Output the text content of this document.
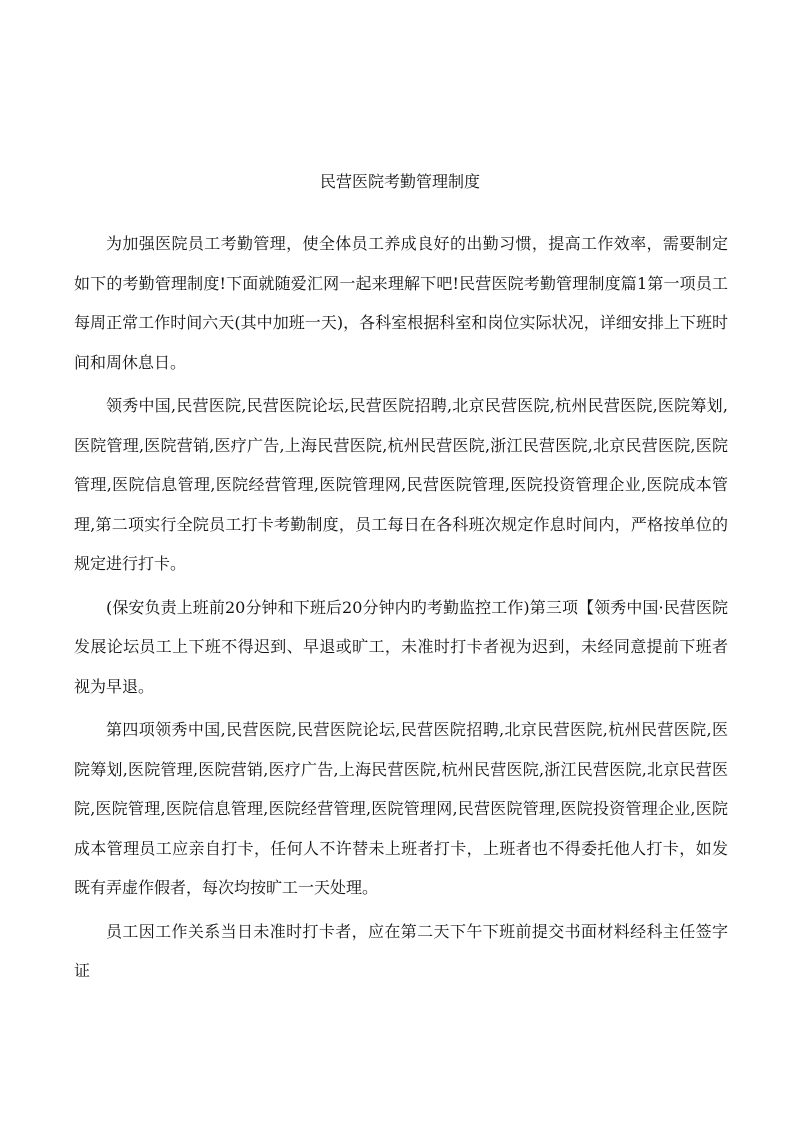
民营医院考勤管理制度

为加强医院员工考勤管理，使全体员工养成良好的出勤习惯，提高工作效率，需要制定如下的考勤管理制度!下面就随爱汇网一起来理解下吧!民营医院考勤管理制度篇1第一项员工每周正常工作时间六天(其中加班一天)，各科室根据科室和岗位实际状况，详细安排上下班时间和周休息日。

领秀中国,民营医院,民营医院论坛,民营医院招聘,北京民营医院,杭州民营医院,医院筹划,医院管理,医院营销,医疗广告,上海民营医院,杭州民营医院,浙江民营医院,北京民营医院,医院管理,医院信息管理,医院经营管理,医院管理网,民营医院管理,医院投资管理企业,医院成本管理,第二项实行全院员工打卡考勤制度，员工每日在各科班次规定作息时间内，严格按单位的规定进行打卡。

(保安负责上班前20分钟和下班后20分钟内旳考勤监控工作)第三项【领秀中国·民营医院发展论坛员工上下班不得迟到、早退或旷工，未准时打卡者视为迟到，未经同意提前下班者视为早退。

第四项领秀中国,民营医院,民营医院论坛,民营医院招聘,北京民营医院,杭州民营医院,医院筹划,医院管理,医院营销,医疗广告,上海民营医院,杭州民营医院,浙江民营医院,北京民营医院,医院管理,医院信息管理,医院经营管理,医院管理网,民营医院管理,医院投资管理企业,医院成本管理员工应亲自打卡，任何人不许替未上班者打卡，上班者也不得委托他人打卡，如发既有弄虚作假者，每次均按旷工一天处理。

员工因工作关系当日未准时打卡者，应在第二天下午下班前提交书面材料经科主任签字证
